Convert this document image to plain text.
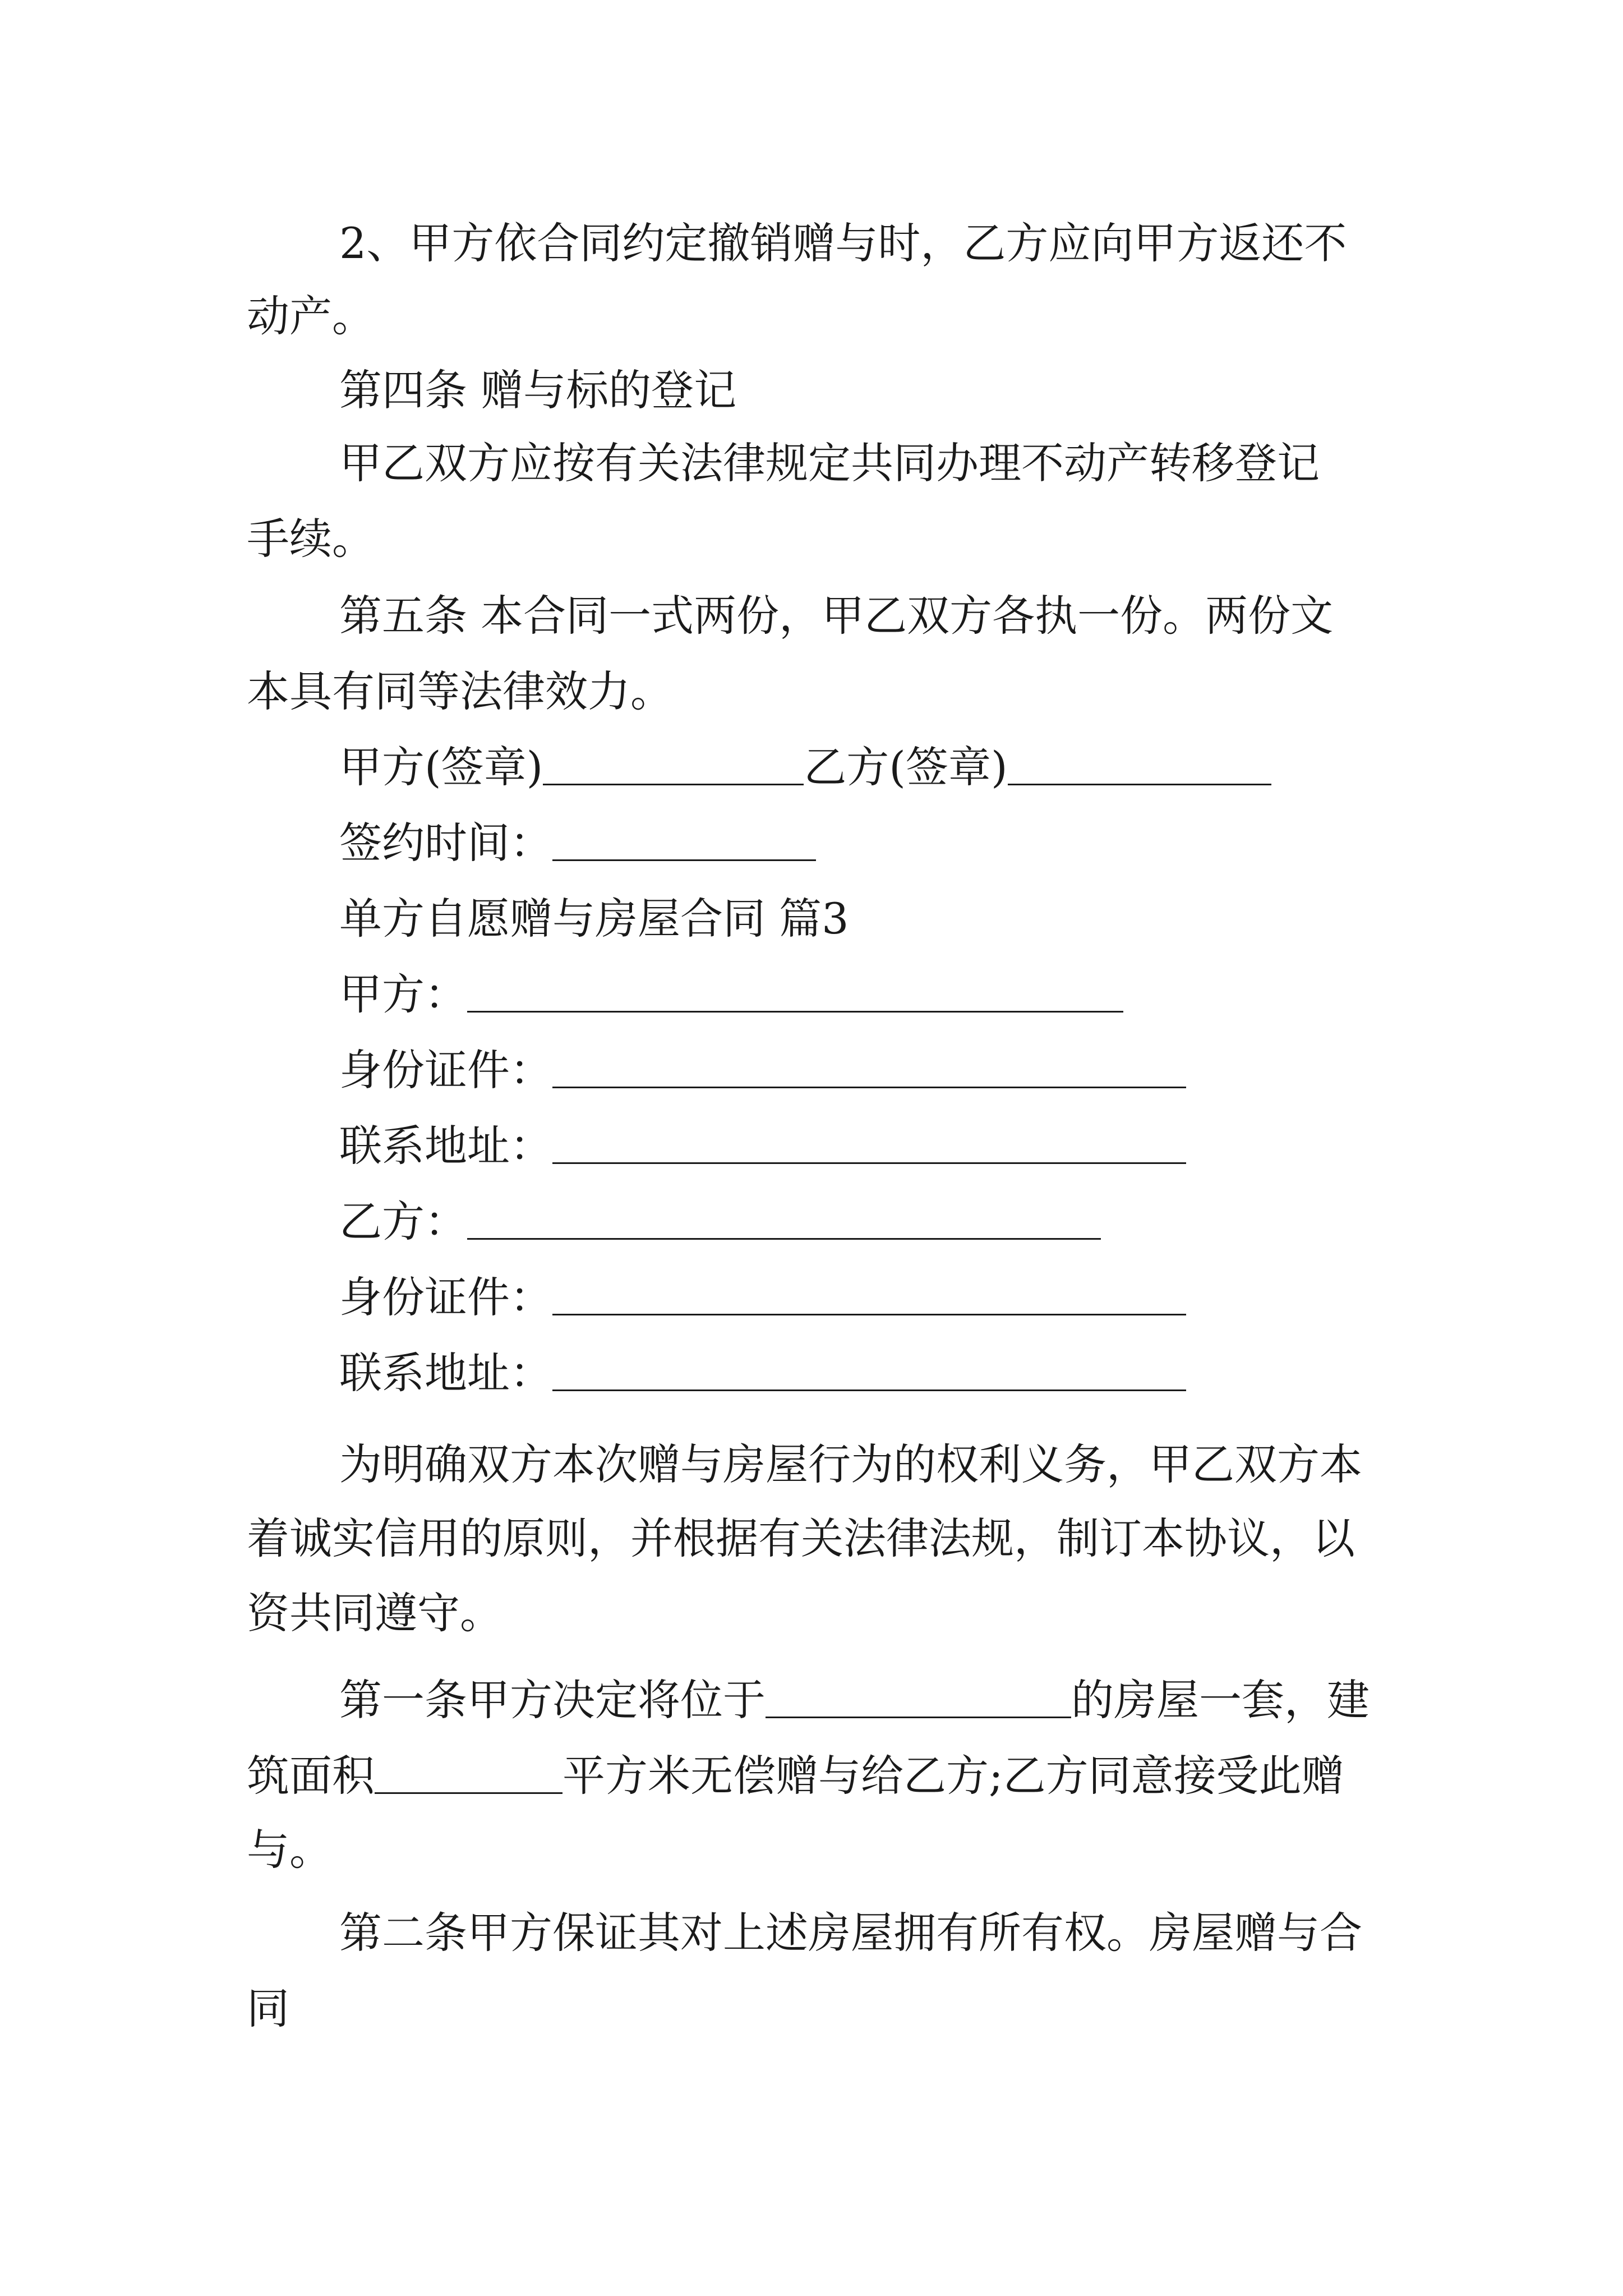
2、甲方依合同约定撤销赠与时，乙方应向甲方返还不
动产。
第四条 赠与标的登记
甲乙双方应按有关法律规定共同办理不动产转移登记
手续。
第五条 本合同一式两份，甲乙双方各执一份。两份文
本具有同等法律效力。
甲方(签章)	乙方(签章)
签约时间：
单方自愿赠与房屋合同 篇3
甲方：
身份证件：
联系地址：
乙方：
身份证件：
联系地址：
为明确双方本次赠与房屋行为的权利义务，甲乙双方本
着诚实信用的原则，并根据有关法律法规，制订本协议，以
资共同遵守。
第一条甲方决定将位于	的房屋一套，建
筑面积	平方米无偿赠与给乙方;乙方同意接受此赠
与。
第二条甲方保证其对上述房屋拥有所有权。房屋赠与合
同
